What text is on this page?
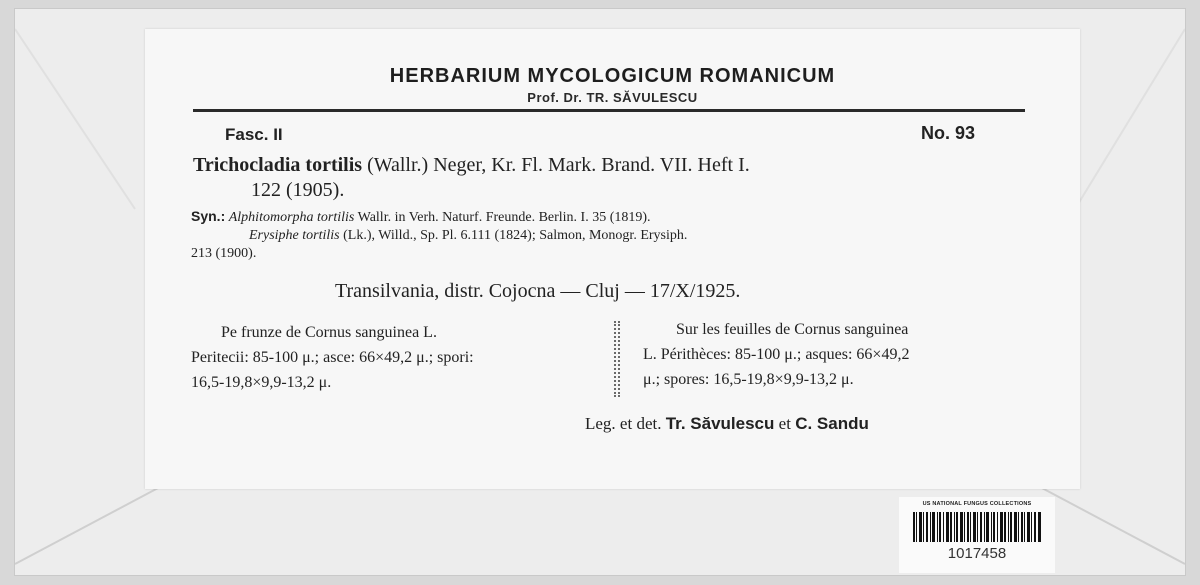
HERBARIUM MYCOLOGICUM ROMANICUM
Prof. Dr. TR. SĂVULESCU
Fasc. II	No. 93
Trichocladia tortilis (Wallr.) Neger, Kr. Fl. Mark. Brand. VII. Heft I.
122 (1905).
Syn.: Alphitomorpha tortilis Wallr. in Verh. Naturf. Freunde. Berlin. I. 35 (1819).
Erysiphe tortilis (Lk.), Willd., Sp. Pl. 6.111 (1824); Salmon, Monogr. Erysiph.
213 (1900).
Transilvania, distr. Cojocna — Cluj — 17/X/1925.
Pe frunze de Cornus sanguinea L.
Peritecii: 85-100 μ.; asce: 66×49,2 μ.; spori:
16,5-19,8×9,9-13,2 μ.
Sur les feuilles de Cornus sanguinea
L. Périthèces: 85-100 μ.; asques: 66×49,2
μ.; spores: 16,5-19,8×9,9-13,2 μ.
Leg. et det. Tr. Săvulescu et C. Sandu
US NATIONAL FUNGUS COLLECTIONS
1017458
